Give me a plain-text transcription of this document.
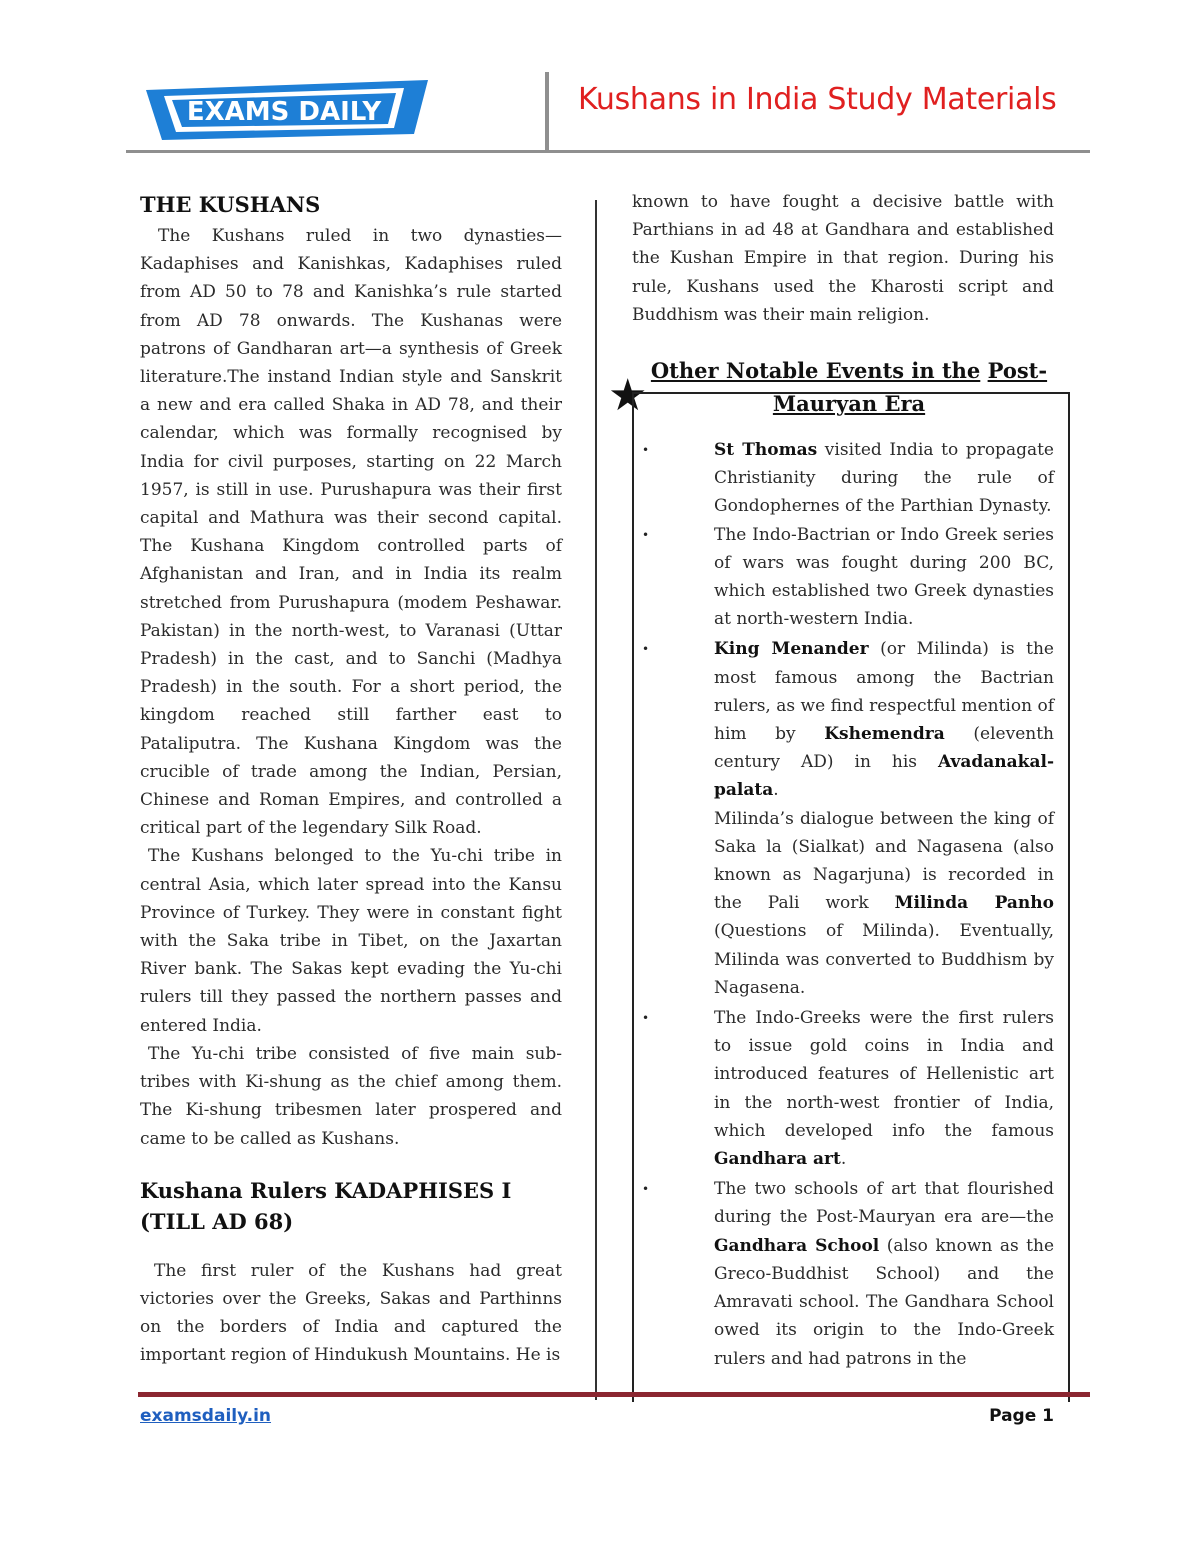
EXAMS DAILY	Kushans in India Study Materials
THE KUSHANS

The Kushans ruled in two dynasties— Kadaphises and Kanishkas, Kadaphises ruled from AD 50 to 78 and Kanishka’s rule started from AD 78 onwards. The Kushanas were patrons of Gandharan art—a synthesis of Greek literature.The instand Indian style and Sanskrit a new and era called Shaka in AD 78, and their calendar, which was formally recognised by India for civil purposes, starting on 22 March 1957, is still in use. Purushapura was their first capital and Mathura was their second capital. The Kushana Kingdom controlled parts of Afghanistan and Iran, and in India its realm stretched from Purushapura (modem Peshawar. Pakistan) in the north-west, to Varanasi (Uttar Pradesh) in the cast, and to Sanchi (Madhya Pradesh) in the south. For a short period, the kingdom reached still farther east to Pataliputra. The Kushana Kingdom was the crucible of trade among the Indian, Persian, Chinese and Roman Empires, and controlled a critical part of the legendary Silk Road.

The Kushans belonged to the Yu-chi tribe in central Asia, which later spread into the Kansu Province of Turkey. They were in constant fight with the Saka tribe in Tibet, on the Jaxartan River bank. The Sakas kept evading the Yu-chi rulers till they passed the northern passes and entered India.

The Yu-chi tribe consisted of five main sub-tribes with Ki-shung as the chief among them. The Ki-shung tribesmen later prospered and came to be called as Kushans.

Kushana Rulers KADAPHISES I (TILL AD 68)

The first ruler of the Kushans had great victories over the Greeks, Sakas and Parthinns on the borders of India and captured the important region of Hindukush Mountains. He is

known to have fought a decisive battle with Parthians in ad 48 at Gandhara and established the Kushan Empire in that region. During his rule, Kushans used the Kharosti script and Buddhism was their main religion.

Other Notable Events in the Post-
Mauryan Era
★
•	St Thomas visited India to propagate Christianity during the rule of Gondophernes of the Parthian Dynasty.
•	The Indo-Bactrian or Indo Greek series of wars was fought during 200 BC, which established two Greek dynasties at north-western India.
•	King Menander (or Milinda) is the most famous among the Bactrian rulers, as we find respectful mention of him by Kshemendra (eleventh century AD) in his Avadanakal-palata.
Milinda’s dialogue between the king of Saka la (Sialkat) and Nagasena (also known as Nagarjuna) is recorded in the Pali work Milinda Panho (Questions of Milinda). Eventually, Milinda was converted to Buddhism by Nagasena.
•	The Indo-Greeks were the first rulers to issue gold coins in India and introduced features of Hellenistic art in the north-west frontier of India, which developed info the famous Gandhara art.
•	The two schools of art that flourished during the Post-Mauryan era are—the Gandhara School (also known as the Greco-Buddhist School) and the Amravati school. The Gandhara School owed its origin to the Indo-Greek rulers and had patrons in the
examsdaily.in	Page 1
